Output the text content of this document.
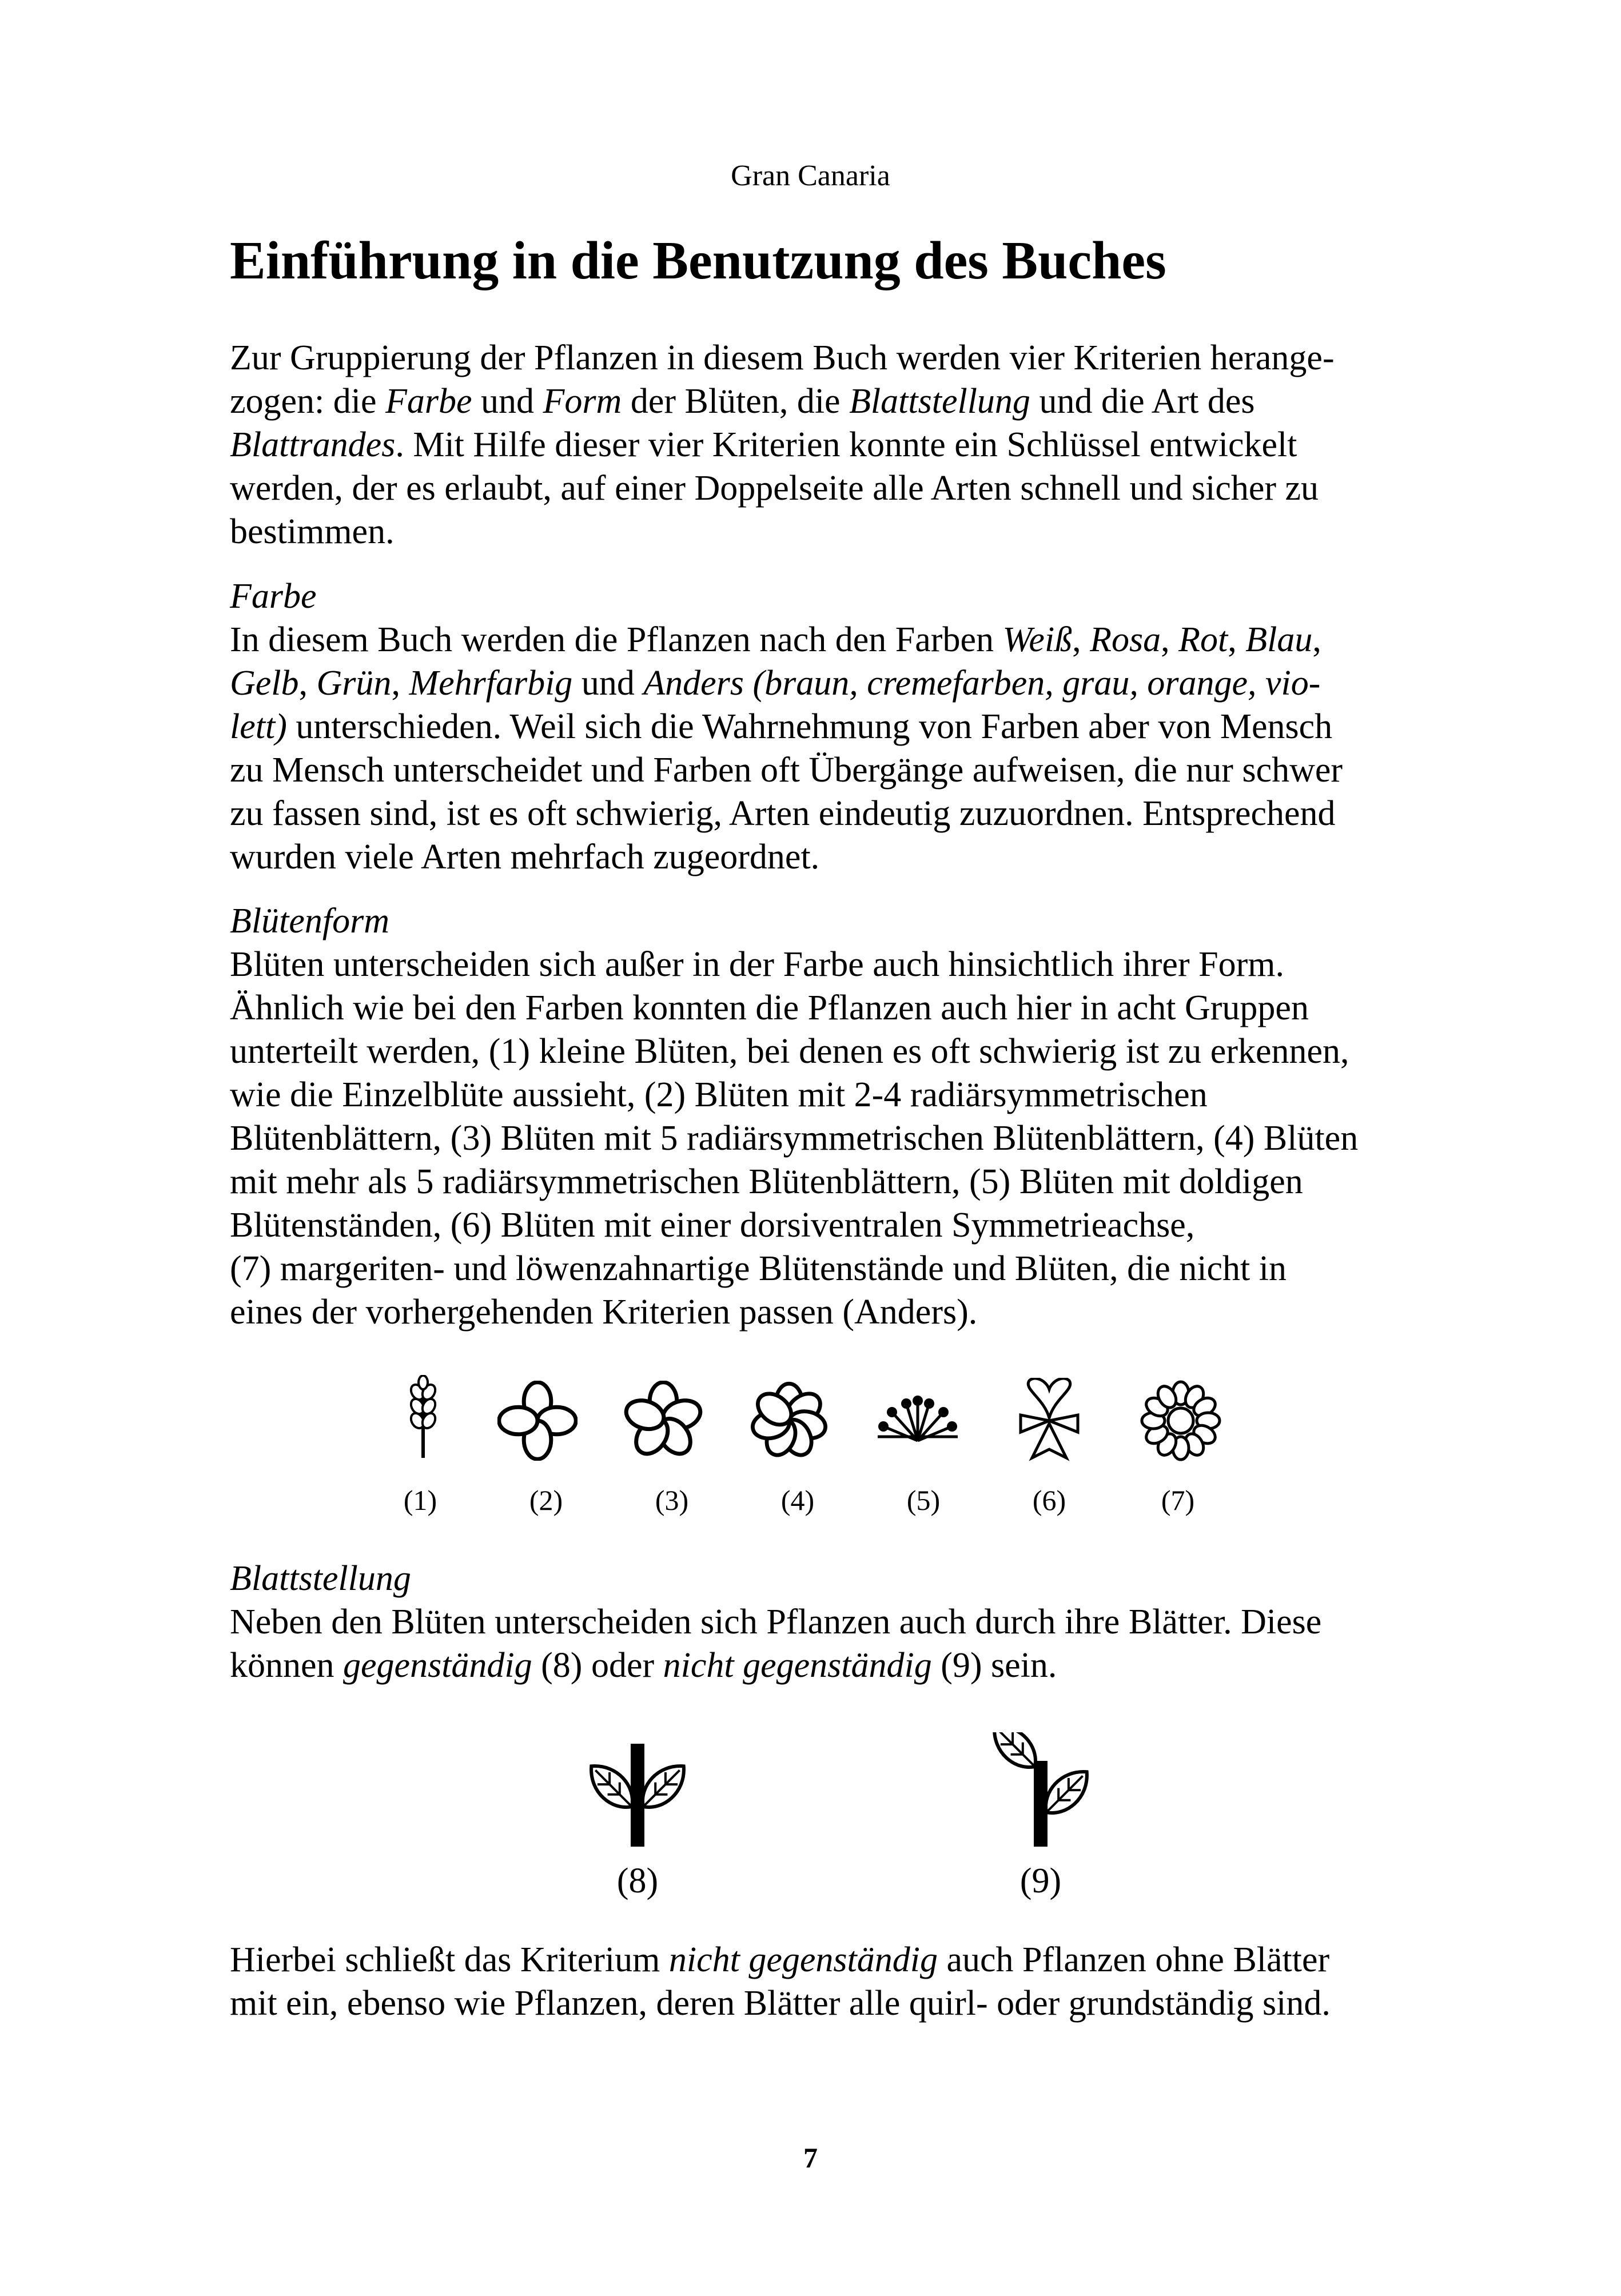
Gran Canaria
Einführung in die Benutzung des Buches
Zur Gruppierung der Pflanzen in diesem Buch werden vier Kriterien herange-
zogen: die Farbe und Form der Blüten, die Blattstellung und die Art des
Blattrandes. Mit Hilfe dieser vier Kriterien konnte ein Schlüssel entwickelt
werden, der es erlaubt, auf einer Doppelseite alle Arten schnell und sicher zu
bestimmen.
Farbe
In diesem Buch werden die Pflanzen nach den Farben Weiß, Rosa, Rot, Blau,
Gelb, Grün, Mehrfarbig und Anders (braun, cremefarben, grau, orange, vio-
lett) unterschieden. Weil sich die Wahrnehmung von Farben aber von Mensch
zu Mensch unterscheidet und Farben oft Übergänge aufweisen, die nur schwer
zu fassen sind, ist es oft schwierig, Arten eindeutig zuzuordnen. Entsprechend
wurden viele Arten mehrfach zugeordnet.
Blütenform
Blüten unterscheiden sich außer in der Farbe auch hinsichtlich ihrer Form.
Ähnlich wie bei den Farben konnten die Pflanzen auch hier in acht Gruppen
unterteilt werden, (1) kleine Blüten, bei denen es oft schwierig ist zu erkennen,
wie die Einzelblüte aussieht, (2) Blüten mit 2-4 radiärsymmetrischen
Blütenblättern, (3) Blüten mit 5 radiärsymmetrischen Blütenblättern, (4) Blüten
mit mehr als 5 radiärsymmetrischen Blütenblättern, (5) Blüten mit doldigen
Blütenständen, (6) Blüten mit einer dorsiventralen Symmetrieachse,
(7) margeriten- und löwenzahnartige Blütenstände und Blüten, die nicht in
eines der vorhergehenden Kriterien passen (Anders).
(1)	(2)	(3)	(4)	(5)	(6)	(7)
Blattstellung
Neben den Blüten unterscheiden sich Pflanzen auch durch ihre Blätter. Diese
können gegenständig (8) oder nicht gegenständig (9) sein.
(8)	(9)
Hierbei schließt das Kriterium nicht gegenständig auch Pflanzen ohne Blätter
mit ein, ebenso wie Pflanzen, deren Blätter alle quirl- oder grundständig sind.
7
